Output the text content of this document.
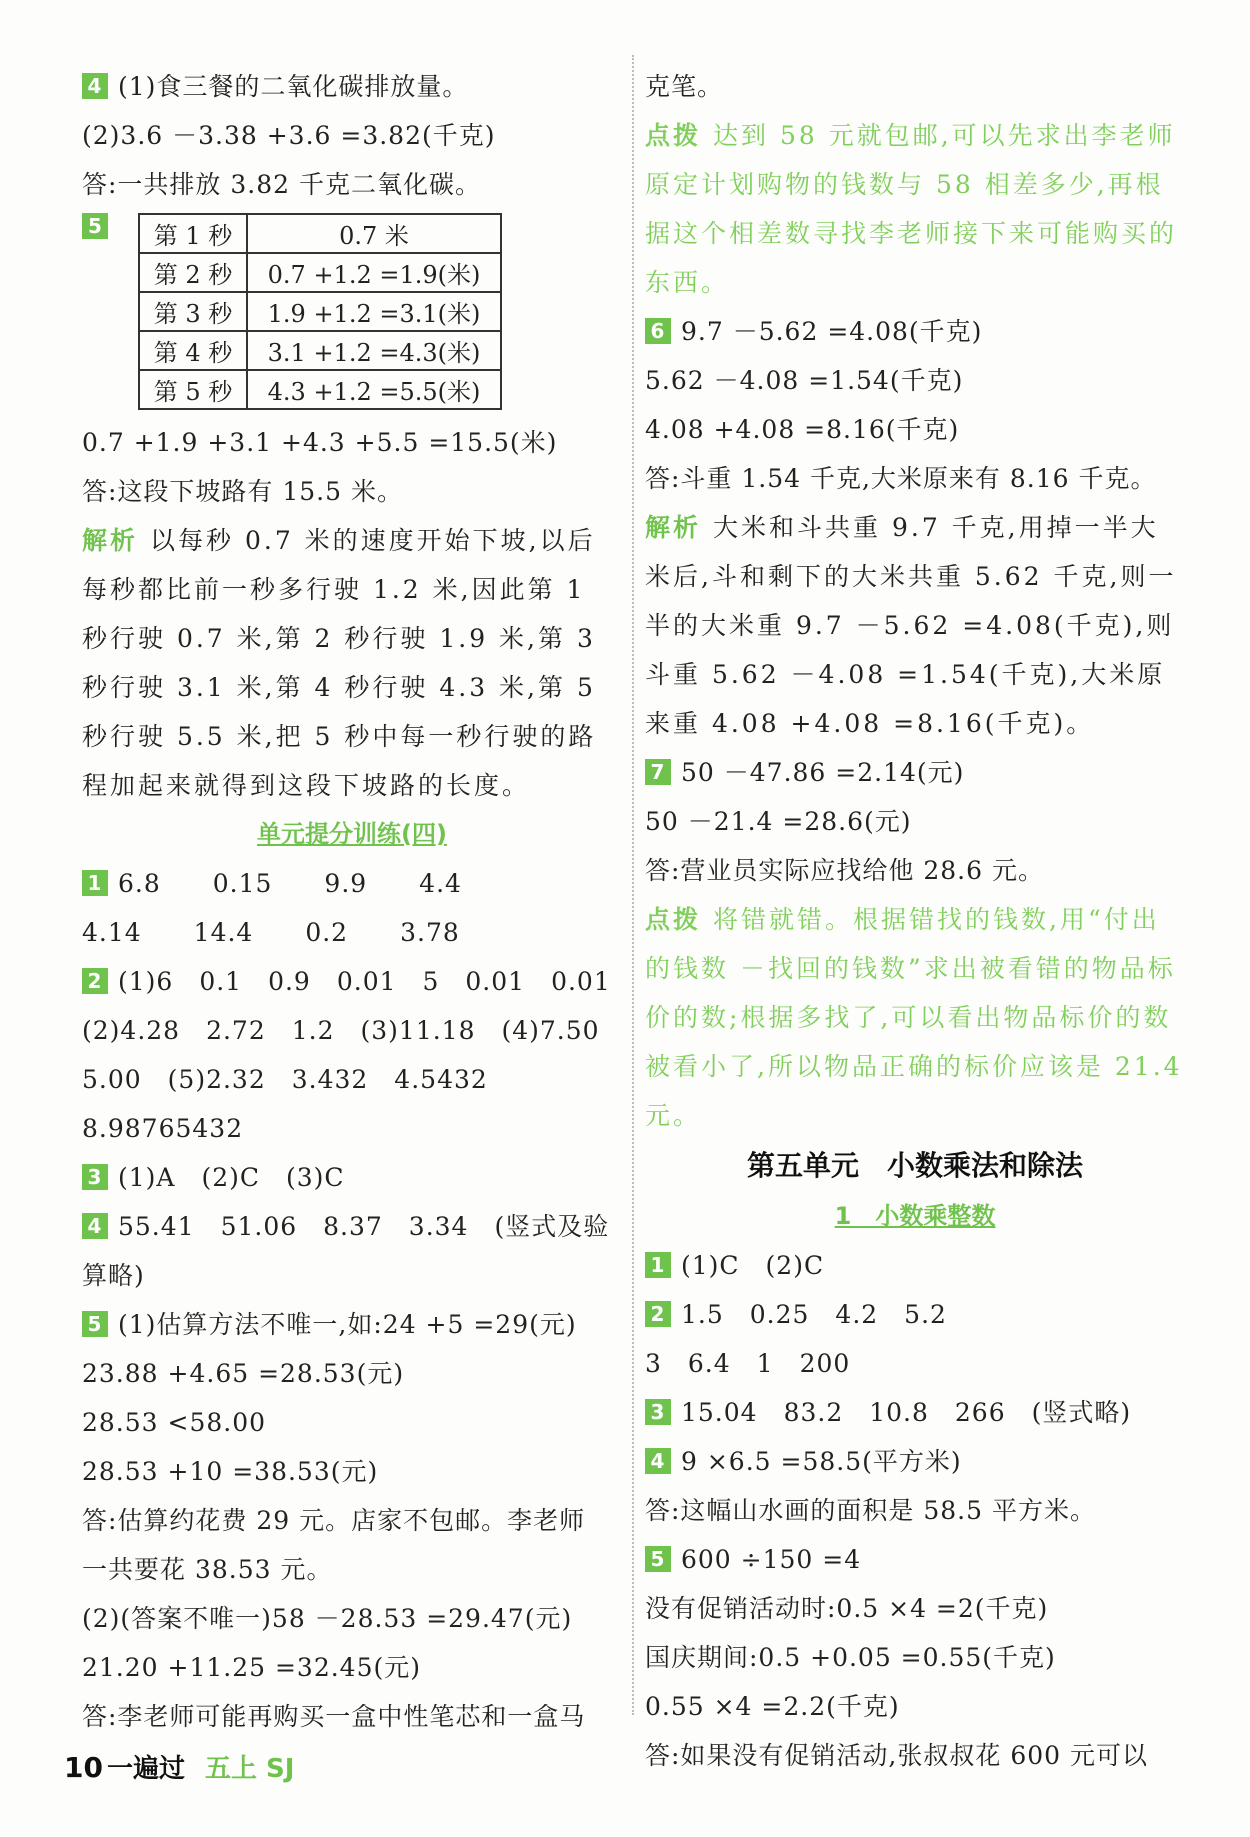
4 (1)食三餐的二氧化碳排放量。
(2)3.6 －3.38 +3.6 =3.82(千克)
答:一共排放 3.82 千克二氧化碳。
5 第 1 秒	0.7 米
第 2 秒	0.7 +1.2 =1.9(米)
第 3 秒	1.9 +1.2 =3.1(米)
第 4 秒	3.1 +1.2 =4.3(米)
第 5 秒	4.3 +1.2 =5.5(米)
0.7 +1.9 +3.1 +4.3 +5.5 =15.5(米)
答:这段下坡路有 15.5 米。
解析 以每秒 0.7 米的速度开始下坡,以后每秒都比前一秒多行驶 1.2 米,因此第 1 秒行驶 0.7 米,第 2 秒行驶 1.9 米,第 3 秒行驶 3.1 米,第 4 秒行驶 4.3 米,第 5 秒行驶 5.5 米,把 5 秒中每一秒行驶的路程加起来就得到这段下坡路的长度。
单元提分训练(四)
1 6.8　　0.15　　9.9　　4.4
4.14　　14.4　　0.2　　3.78
2 (1)6　0.1　0.9　0.01　5　0.01　0.01
(2)4.28　2.72　1.2　(3)11.18　(4)7.50
5.00　(5)2.32　3.432　4.5432
8.98765432
3 (1)A　(2)C　(3)C
4 55.41　51.06　8.37　3.34　(竖式及验
算略)
5 (1)估算方法不唯一,如:24 +5 =29(元)
23.88 +4.65 =28.53(元)
28.53 <58.00
28.53 +10 =38.53(元)
答:估算约花费 29 元。店家不包邮。李老师
一共要花 38.53 元。
(2)(答案不唯一)58 －28.53 =29.47(元)
21.20 +11.25 =32.45(元)
答:李老师可能再购买一盒中性笔芯和一盒马
克笔。
点拨 达到 58 元就包邮,可以先求出李老师原定计划购物的钱数与 58 相差多少,再根据这个相差数寻找李老师接下来可能购买的东西。
6 9.7 －5.62 =4.08(千克)
5.62 －4.08 =1.54(千克)
4.08 +4.08 =8.16(千克)
答:斗重 1.54 千克,大米原来有 8.16 千克。
解析 大米和斗共重 9.7 千克,用掉一半大米后,斗和剩下的大米共重 5.62 千克,则一半的大米重 9.7 －5.62 =4.08(千克),则斗重 5.62 －4.08 =1.54(千克),大米原来重 4.08 +4.08 =8.16(千克)。
7 50 －47.86 =2.14(元)
50 －21.4 =28.6(元)
答:营业员实际应找给他 28.6 元。
点拨 将错就错。根据错找的钱数,用“付出的钱数 －找回的钱数”求出被看错的物品标价的数;根据多找了,可以看出物品标价的数被看小了,所以物品正确的标价应该是 21.4 元。
第五单元　小数乘法和除法
1　小数乘整数
1 (1)C　(2)C
2 1.5　0.25　4.2　5.2
3　6.4　1　200
3 15.04　83.2　10.8　266　(竖式略)
4 9 ×6.5 =58.5(平方米)
答:这幅山水画的面积是 58.5 平方米。
5 600 ÷150 =4
没有促销活动时:0.5 ×4 =2(千克)
国庆期间:0.5 +0.05 =0.55(千克)
0.55 ×4 =2.2(千克)
答:如果没有促销活动,张叔叔花 600 元可以
10 一遍过 五上 SJ
